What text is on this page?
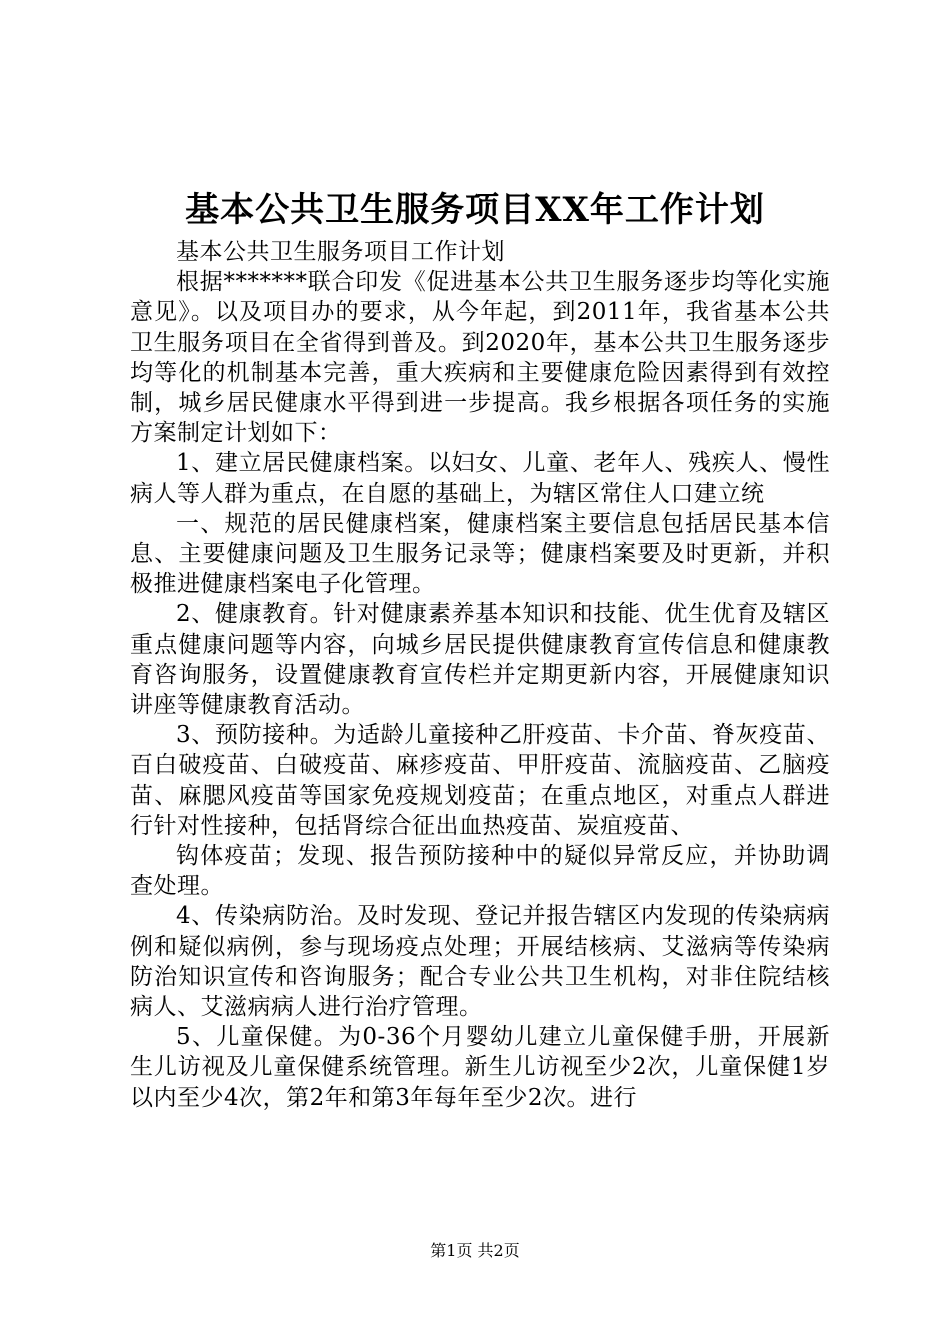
基本公共卫生服务项目XX年工作计划

基本公共卫生服务项目工作计划

根据*******联合印发《促进基本公共卫生服务逐步均等化实施意见》。以及项目办的要求，从今年起，到2011年，我省基本公共卫生服务项目在全省得到普及。到2020年，基本公共卫生服务逐步均等化的机制基本完善，重大疾病和主要健康危险因素得到有效控制，城乡居民健康水平得到进一步提高。我乡根据各项任务的实施方案制定计划如下：

1、建立居民健康档案。以妇女、儿童、老年人、残疾人、慢性病人等人群为重点，在自愿的基础上，为辖区常住人口建立统

一、规范的居民健康档案，健康档案主要信息包括居民基本信息、主要健康问题及卫生服务记录等；健康档案要及时更新，并积极推进健康档案电子化管理。

2、健康教育。针对健康素养基本知识和技能、优生优育及辖区重点健康问题等内容，向城乡居民提供健康教育宣传信息和健康教育咨询服务，设置健康教育宣传栏并定期更新内容，开展健康知识讲座等健康教育活动。

3、预防接种。为适龄儿童接种乙肝疫苗、卡介苗、脊灰疫苗、百白破疫苗、白破疫苗、麻疹疫苗、甲肝疫苗、流脑疫苗、乙脑疫苗、麻腮风疫苗等国家免疫规划疫苗；在重点地区，对重点人群进行针对性接种，包括肾综合征出血热疫苗、炭疽疫苗、

钩体疫苗；发现、报告预防接种中的疑似异常反应，并协助调查处理。

4、传染病防治。及时发现、登记并报告辖区内发现的传染病病例和疑似病例，参与现场疫点处理；开展结核病、艾滋病等传染病防治知识宣传和咨询服务；配合专业公共卫生机构，对非住院结核病人、艾滋病病人进行治疗管理。

5、儿童保健。为0-36个月婴幼儿建立儿童保健手册，开展新生儿访视及儿童保健系统管理。新生儿访视至少2次，儿童保健1岁以内至少4次，第2年和第3年每年至少2次。进行

第1页 共2页
